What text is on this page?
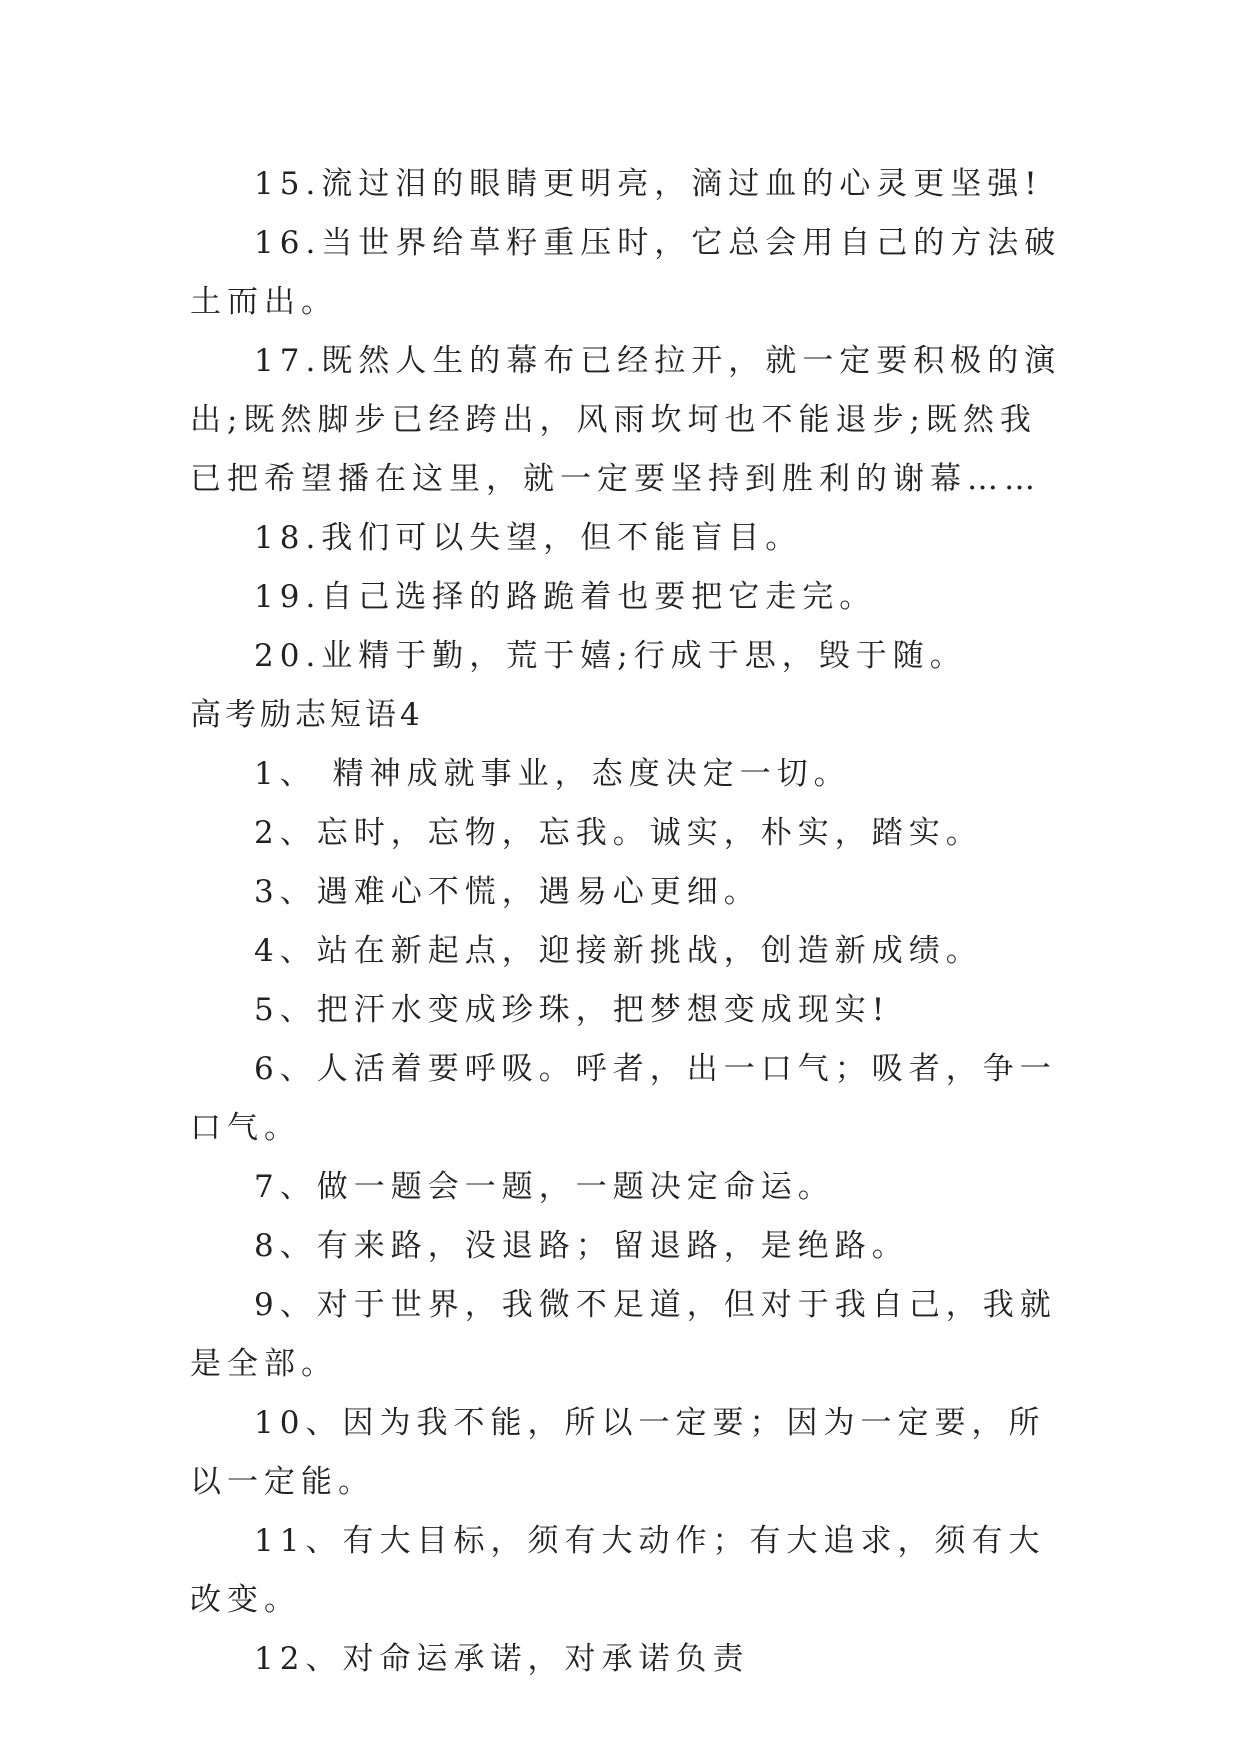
15.流过泪的眼睛更明亮，滴过血的心灵更坚强!

16.当世界给草籽重压时，它总会用自己的方法破土而出。

17.既然人生的幕布已经拉开，就一定要积极的演出;既然脚步已经跨出，风雨坎坷也不能退步;既然我已把希望播在这里，就一定要坚持到胜利的谢幕……

18.我们可以失望，但不能盲目。

19.自己选择的路跪着也要把它走完。

20.业精于勤，荒于嬉;行成于思，毁于随。

高考励志短语4

1、 精神成就事业，态度决定一切。

2、忘时，忘物，忘我。诚实，朴实，踏实。

3、遇难心不慌，遇易心更细。

4、站在新起点，迎接新挑战，创造新成绩。

5、把汗水变成珍珠，把梦想变成现实!

6、人活着要呼吸。呼者，出一口气；吸者，争一口气。

7、做一题会一题，一题决定命运。

8、有来路，没退路；留退路，是绝路。

9、对于世界，我微不足道，但对于我自己，我就是全部。

10、因为我不能，所以一定要；因为一定要，所以一定能。

11、有大目标，须有大动作；有大追求，须有大改变。

12、对命运承诺，对承诺负责
